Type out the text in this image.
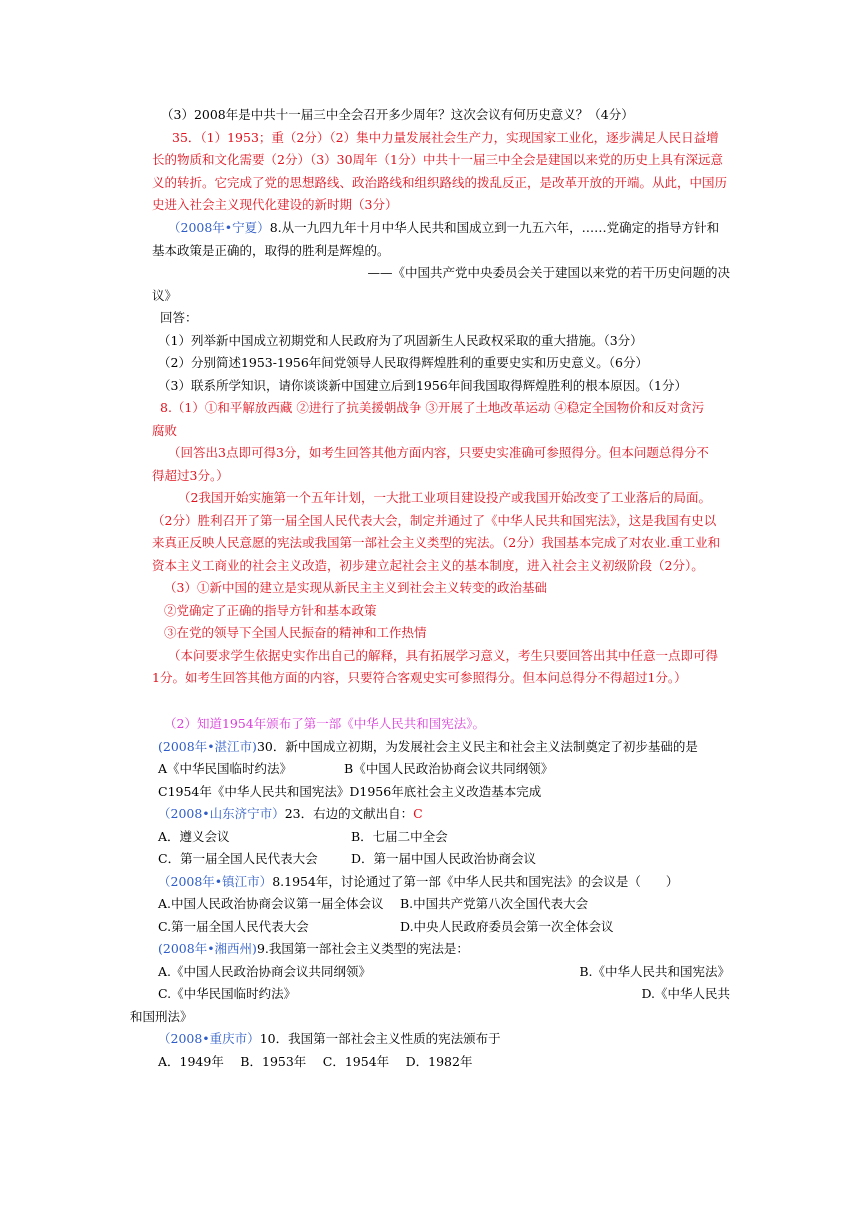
（3）2008年是中共十一届三中全会召开多少周年？这次会议有何历史意义？（4分）

35．（1）1953；重（2分）（2）集中力量发展社会生产力，实现国家工业化，逐步满足人民日益增

长的物质和文化需要（2分）（3）30周年（1分）中共十一届三中全会是建国以来党的历史上具有深远意

义的转折。它完成了党的思想路线、政治路线和组织路线的拨乱反正，是改革开放的开端。从此，中国历

史进入社会主义现代化建设的新时期（3分）

（2008年•宁夏）8.从一九四九年十月中华人民共和国成立到一九五六年，……党确定的指导方针和

基本政策是正确的，取得的胜利是辉煌的。

——《中国共产党中央委员会关于建国以来党的若干历史问题的决

议》

回答：

（1）列举新中国成立初期党和人民政府为了巩固新生人民政权采取的重大措施。（3分）

（2）分别简述1953-1956年间党领导人民取得辉煌胜利的重要史实和历史意义。（6分）

（3）联系所学知识，请你谈谈新中国建立后到1956年间我国取得辉煌胜利的根本原因。（1分）

8.（1）①和平解放西藏 ②进行了抗美援朝战争 ③开展了土地改革运动 ④稳定全国物价和反对贪污

腐败

（回答出3点即可得3分，如考生回答其他方面内容，只要史实准确可参照得分。但本问题总得分不

得超过3分。）

（2我国开始实施第一个五年计划，一大批工业项目建设投产或我国开始改变了工业落后的局面。

（2分）胜利召开了第一届全国人民代表大会，制定并通过了《中华人民共和国宪法》，这是我国有史以

来真正反映人民意愿的宪法或我国第一部社会主义类型的宪法。（2分）我国基本完成了对农业.重工业和

资本主义工商业的社会主义改造，初步建立起社会主义的基本制度，进入社会主义初级阶段（2分）。

（3）①新中国的建立是实现从新民主主义到社会主义转变的政治基础

②党确定了正确的指导方针和基本政策

③在党的领导下全国人民振奋的精神和工作热情

（本问要求学生依据史实作出自己的解释，具有拓展学习意义，考生只要回答出其中任意一点即可得

1分。如考生回答其他方面的内容，只要符合客观史实可参照得分。但本问总得分不得超过1分。）

（2）知道1954年颁布了第一部《中华人民共和国宪法》。

(2008年•湛江市)30．新中国成立初期，为发展社会主义民主和社会主义法制奠定了初步基础的是

A《中华民国临时约法》	B《中国人民政治协商会议共同纲领》

C1954年《中华人民共和国宪法》D1956年底社会主义改造基本完成

（2008•山东济宁市）23．右边的文献出自：C

A．遵义会议	B．七届二中全会

C．第一届全国人民代表大会	D．第一届中国人民政治协商会议

（2008年•镇江市）8.1954年，讨论通过了第一部《中华人民共和国宪法》的会议是（　　）

A.中国人民政治协商会议第一届全体会议 B.中国共产党第八次全国代表大会

C.第一届全国人民代表大会	D.中央人民政府委员会第一次全体会议

(2008年•湘西州)9.我国第一部社会主义类型的宪法是：

A.《中国人民政治协商会议共同纲领》	B.《中华人民共和国宪法》

C.《中华民国临时约法》	D.《中华人民共

和国刑法》

（2008•重庆市）10．我国第一部社会主义性质的宪法颁布于

A．1949年　 B．1953年　 C．1954年　 D．1982年
